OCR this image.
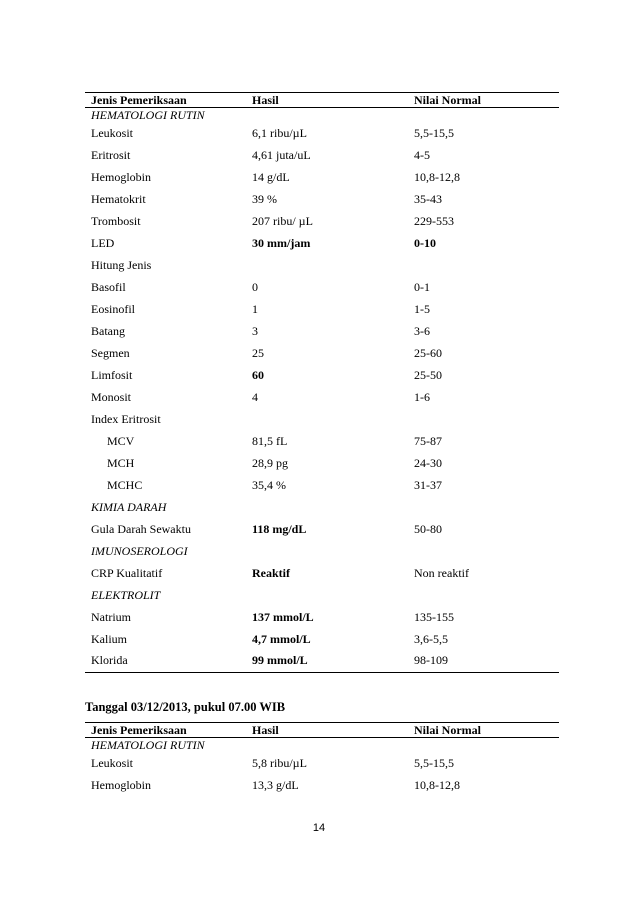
Jenis Pemeriksaan	Hasil	Nilai Normal
HEMATOLOGI RUTIN		
Leukosit	6,1 ribu/µL	5,5-15,5
Eritrosit	4,61 juta/uL	4-5
Hemoglobin	14 g/dL	10,8-12,8
Hematokrit	39 %	35-43
Trombosit	207 ribu/ µL	229-553
LED	30 mm/jam	0-10
Hitung Jenis		
Basofil	0	0-1
Eosinofil	1	1-5
Batang	3	3-6
Segmen	25	25-60
Limfosit	60	25-50
Monosit	4	1-6
Index Eritrosit		
MCV	81,5 fL	75-87
MCH	28,9 pg	24-30
MCHC	35,4 %	31-37
KIMIA DARAH		
Gula Darah Sewaktu	118 mg/dL	50-80
IMUNOSEROLOGI		
CRP Kualitatif	Reaktif	Non reaktif
ELEKTROLIT		
Natrium	137 mmol/L	135-155
Kalium	4,7 mmol/L	3,6-5,5
Klorida	99 mmol/L	98-109
Tanggal 03/12/2013, pukul 07.00 WIB
Jenis Pemeriksaan	Hasil	Nilai Normal
HEMATOLOGI RUTIN		
Leukosit	5,8 ribu/µL	5,5-15,5
Hemoglobin	13,3 g/dL	10,8-12,8
14
